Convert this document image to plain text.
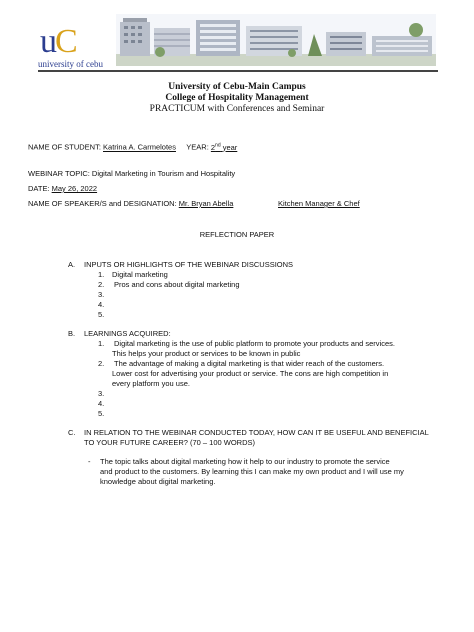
uC
university of cebu
University of Cebu-Main Campus
College of Hospitality Management
PRACTICUM with Conferences and Seminar
NAME OF STUDENT: Katrina A. Carmelotes YEAR: 2nd year
WEBINAR TOPIC: Digital Marketing in Tourism and Hospitality
DATE: May 26, 2022
NAME OF SPEAKER/S and DESIGNATION: Mr. Bryan Abella	Kitchen Manager & Chef
REFLECTION PAPER
A. INPUTS OR HIGHLIGHTS OF THE WEBINAR DISCUSSIONS
1. Digital marketing
2. Pros and cons about digital marketing
3.
4.
5.
B. LEARNINGS ACQUIRED:
1. Digital marketing is the use of public platform to promote your products and services.
This helps your product or services to be known in public
2. The advantage of making a digital marketing is that wider reach of the customers.
Lower cost for advertising your product or service. The cons are high competition in
every platform you use.
3.
4.
5.
C. IN RELATION TO THE WEBINAR CONDUCTED TODAY, HOW CAN IT BE USEFUL AND BENEFICIAL
TO YOUR FUTURE CAREER? (70 – 100 WORDS)
- The topic talks about digital marketing how it help to our industry to promote the service
and product to the customers. By learning this I can make my own product and I will use my
knowledge about digital marketing.
